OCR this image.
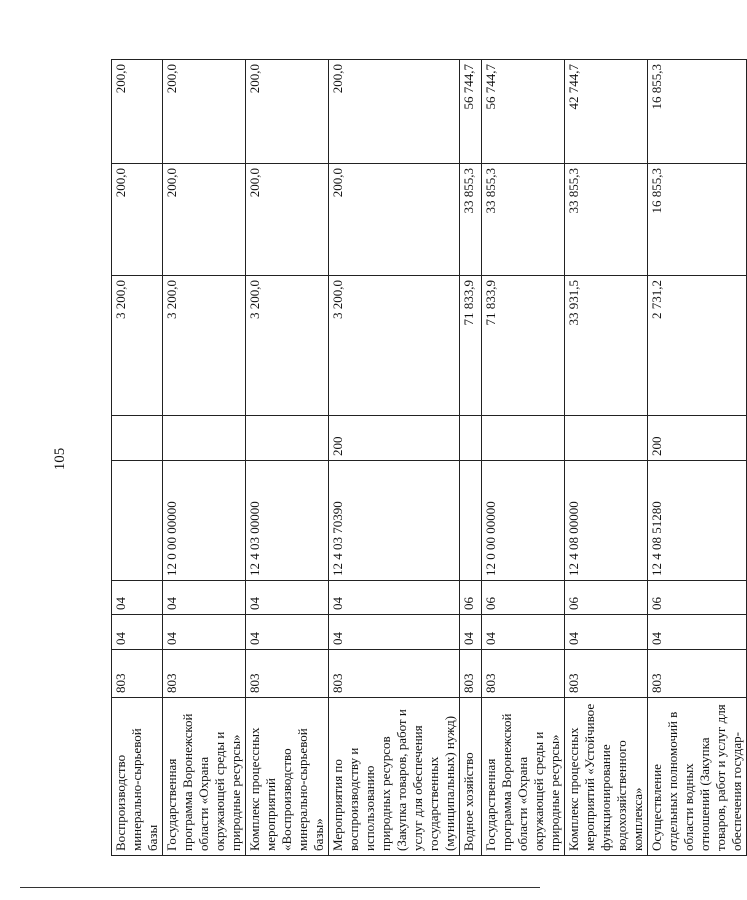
105
Воспроизводство минерально-сырьевой базы	803	04	04			3 200,0	200,0	200,0
Государственная программа Воронежской области «Охрана окружающей среды и природные ресурсы»	803	04	04	12 0 00 00000		3 200,0	200,0	200,0
Комплекс процессных мероприятий «Воспроизводство минерально-сырьевой базы»	803	04	04	12 4 03 00000		3 200,0	200,0	200,0
Мероприятия по воспроизводству и использованию природных ресурсов (Закупка товаров, работ и услуг для обеспечения государственных (муниципальных) нужд)	803	04	04	12 4 03 70390	200	3 200,0	200,0	200,0
Водное хозяйство	803	04	06			71 833,9	33 855,3	56 744,7
Государственная программа Воронежской области «Охрана окружающей среды и природные ресурсы»	803	04	06	12 0 00 00000		71 833,9	33 855,3	56 744,7
Комплекс процессных мероприятий «Устойчивое функционирование водохозяйственного комплекса»	803	04	06	12 4 08 00000		33 931,5	33 855,3	42 744,7
Осуществление отдельных полномочий в области водных отношений (Закупка товаров, работ и услуг для обеспечения государ-	803	04	06	12 4 08 51280	200	2 731,2	16 855,3	16 855,3
